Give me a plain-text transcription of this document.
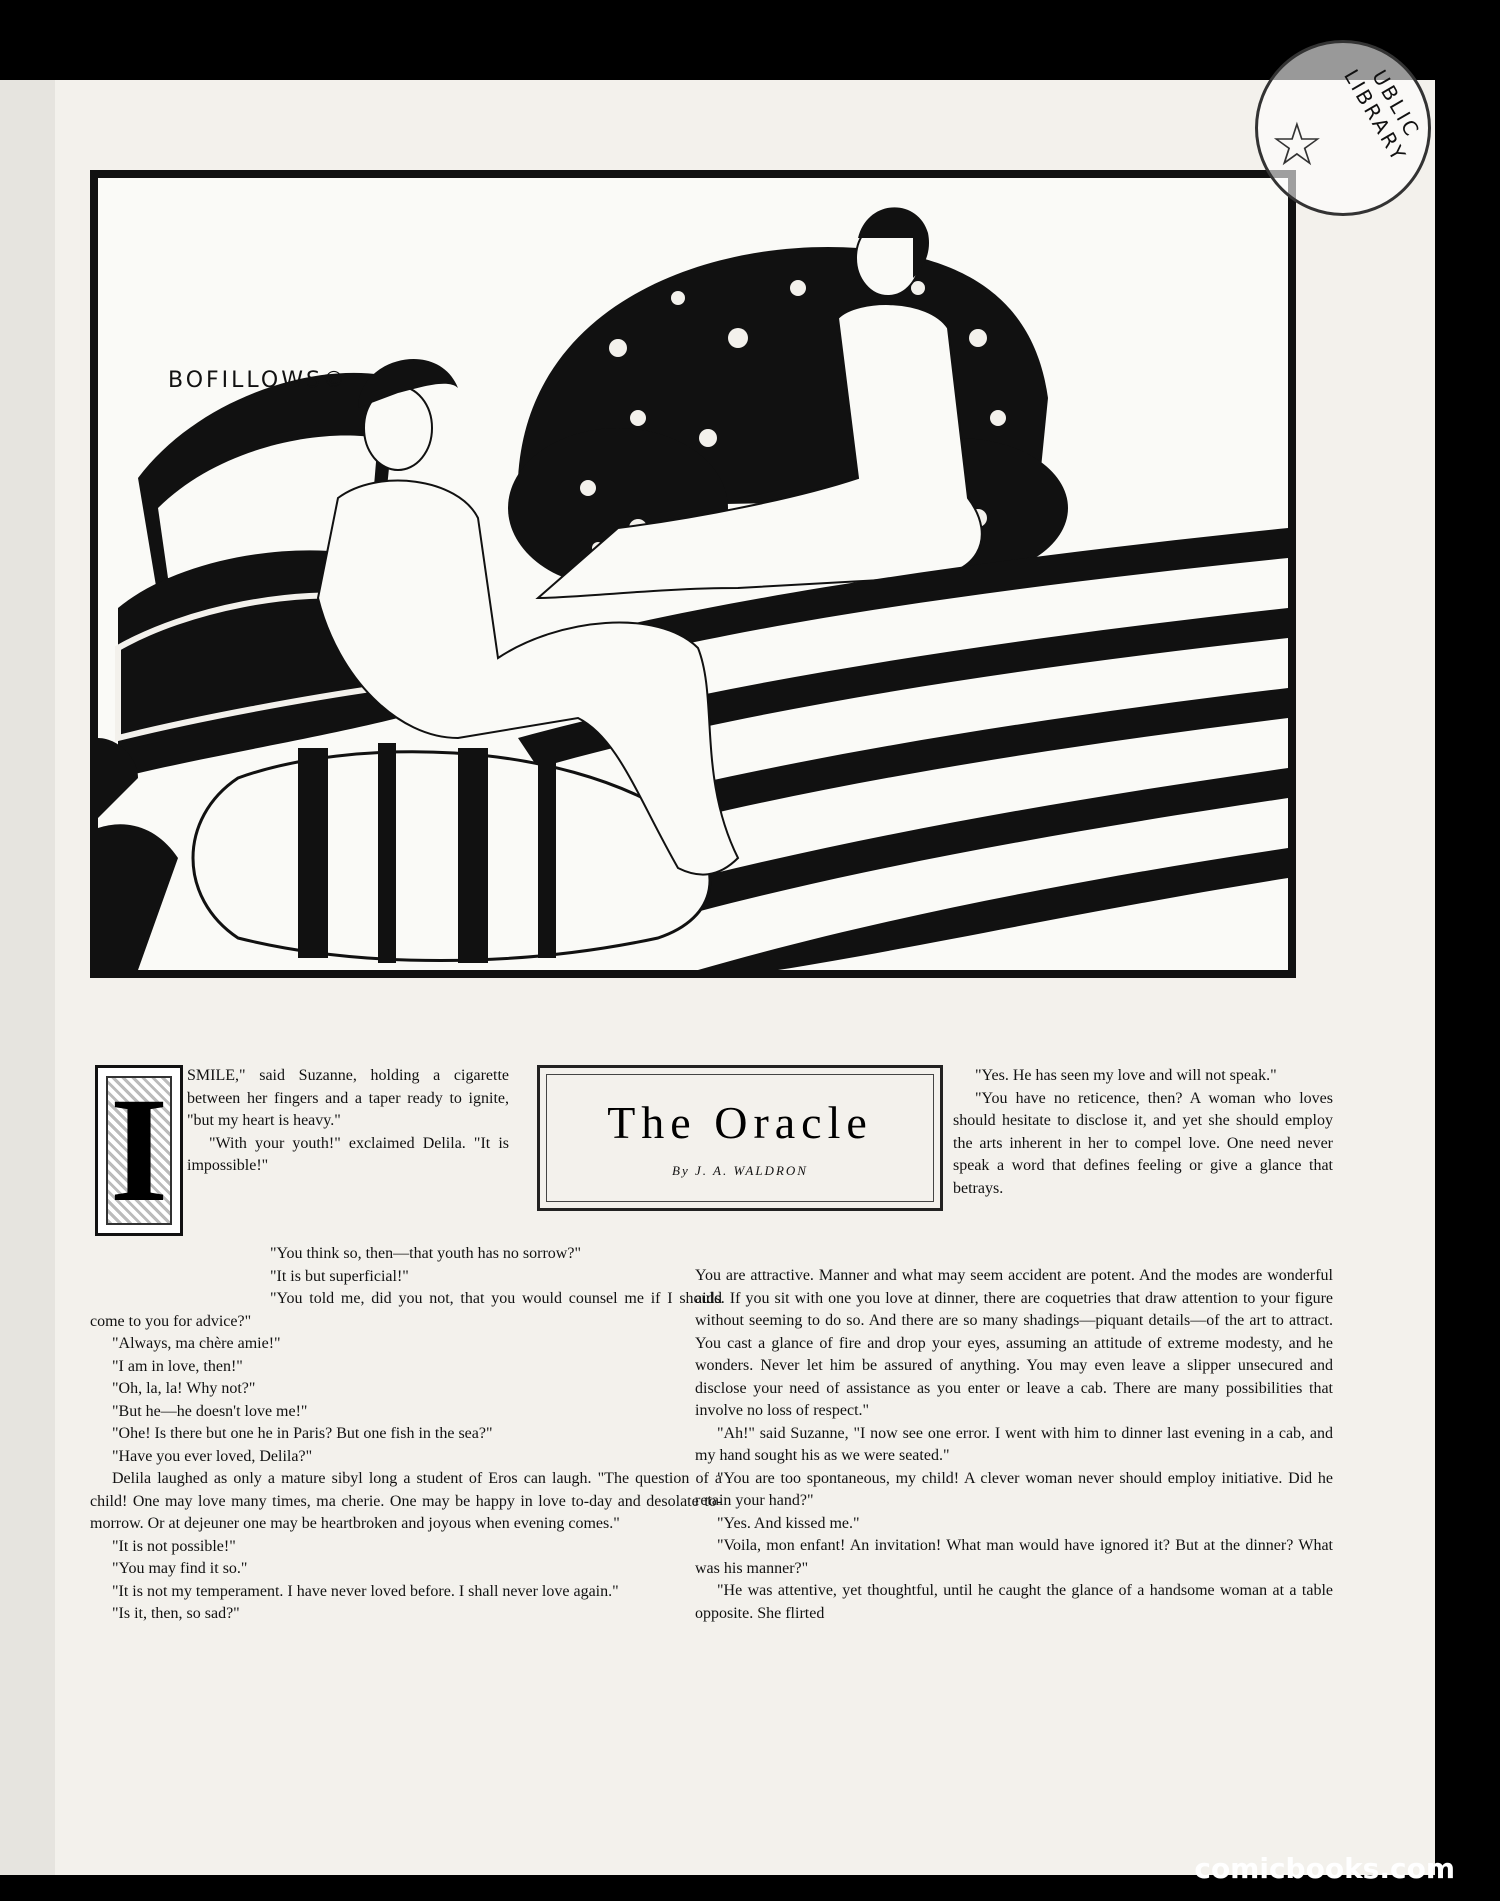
BOFILLOWS©
I	SMILE," said Suzanne, holding a cigarette between her fingers and a taper ready to ignite, "but my heart is heavy."

"With your youth!" exclaimed Delila. "It is impossible!"

"You think so, then—that youth has no sorrow?"

"It is but superficial!"

"You told me, did you not, that you would counsel me if I should come to you for advice?"

"Always, ma chère amie!"

"I am in love, then!"

"Oh, la, la! Why not?"

"But he—he doesn't love me!"

"Ohe! Is there but one he in Paris? But one fish in the sea?"

"Have you ever loved, Delila?"

Delila laughed as only a mature sibyl long a student of Eros can laugh. "The question of a child! One may love many times, ma cherie. One may be happy in love to-day and desolate to-morrow. Or at dejeuner one may be heartbroken and joyous when evening comes."

"It is not possible!"

"You may find it so."

"It is not my temperament. I have never loved before. I shall never love again."

"Is it, then, so sad?"

The Oracle
By J. A. WALDRON

"Yes. He has seen my love and will not speak."

"You have no reticence, then? A woman who loves should hesitate to disclose it, and yet she should employ the arts inherent in her to compel love. One need never speak a word that defines feeling or give a glance that betrays.

You are attractive. Manner and what may seem accident are potent. And the modes are wonderful aids. If you sit with one you love at dinner, there are coquetries that draw attention to your figure without seeming to do so. And there are so many shadings—piquant details—of the art to attract. You cast a glance of fire and drop your eyes, assuming an attitude of extreme modesty, and he wonders. Never let him be assured of anything. You may even leave a slipper unsecured and disclose your need of assistance as you enter or leave a cab. There are many possibilities that involve no loss of respect."

"Ah!" said Suzanne, "I now see one error. I went with him to dinner last evening in a cab, and my hand sought his as we were seated."

"You are too spontaneous, my child! A clever woman never should employ initiative. Did he retain your hand?"

"Yes. And kissed me."

"Voila, mon enfant! An invitation! What man would have ignored it? But at the dinner? What was his manner?"

"He was attentive, yet thoughtful, until he caught the glance of a handsome woman at a table opposite. She flirted

UBLIC LIBRARY
☆
comicbooks.com
